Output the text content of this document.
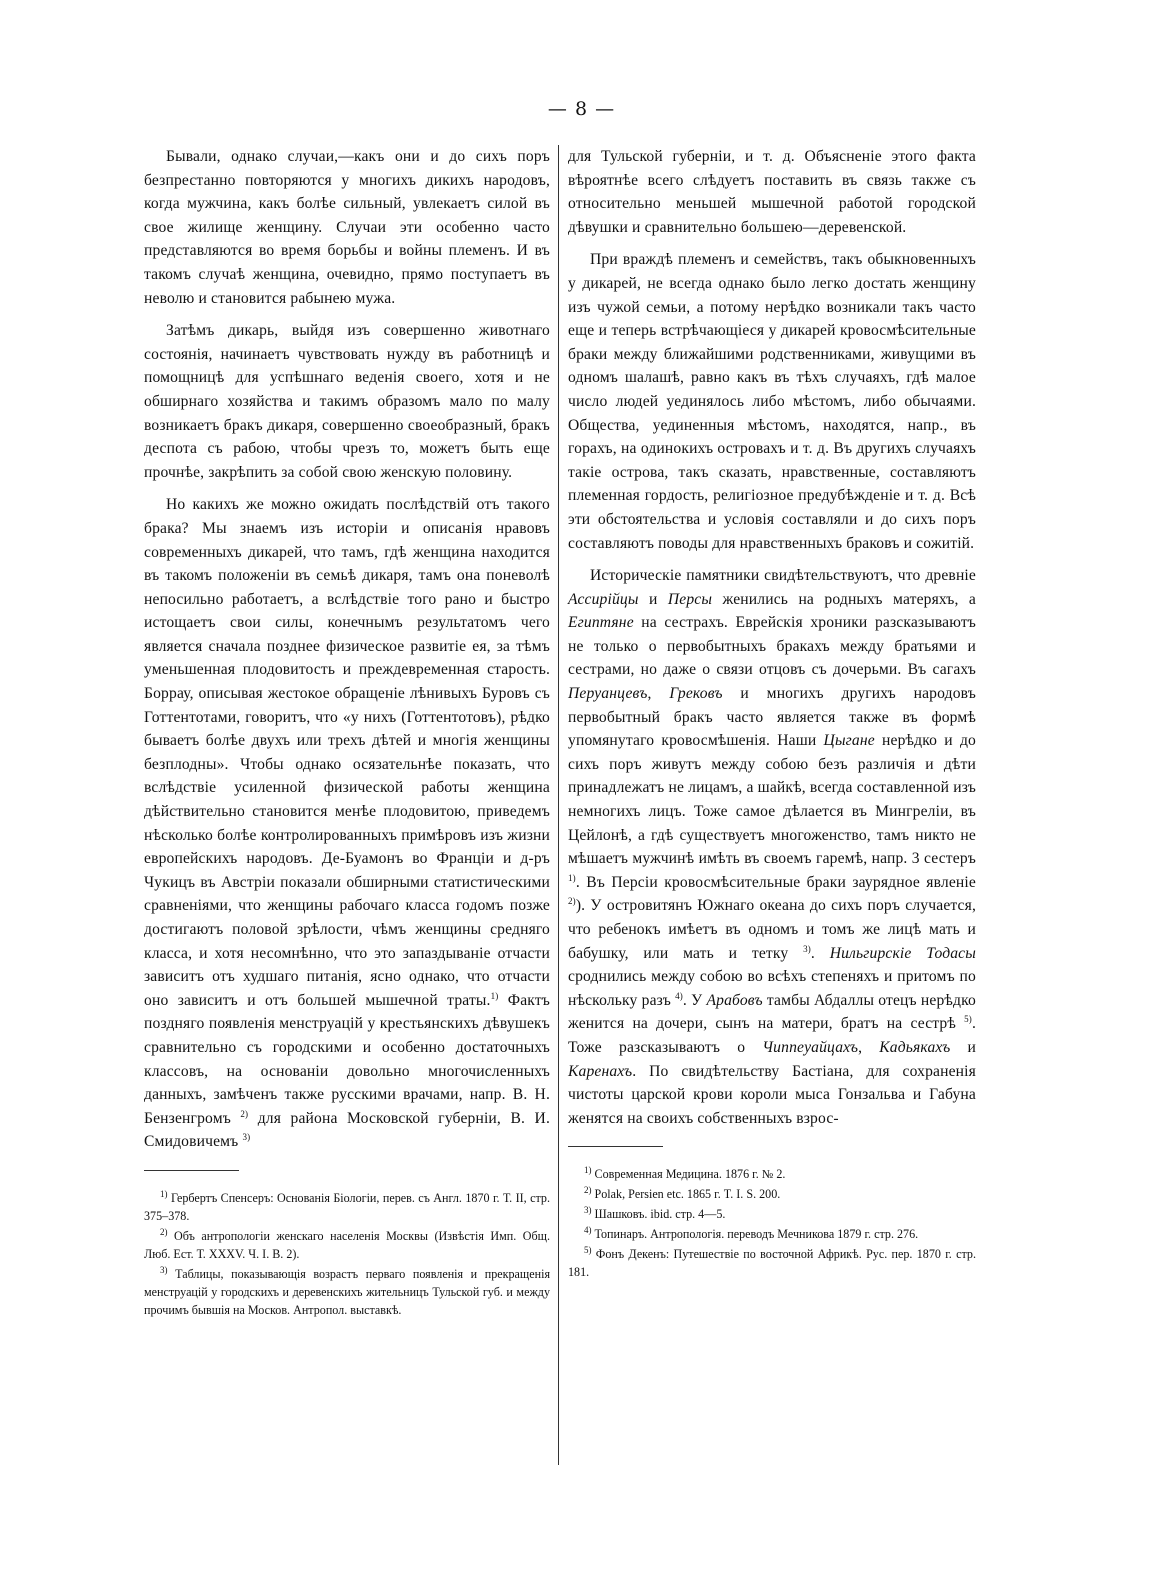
— 8 —

Бывали, однако случаи,—какъ они и до сихъ поръ безпрестанно повторяются у многихъ дикихъ народовъ, когда мужчина, какъ болѣе сильный, увлекаетъ силой въ свое жилище женщину. Случаи эти особенно часто представляются во время борьбы и войны племенъ. И въ такомъ случаѣ женщина, очевидно, прямо поступаетъ въ неволю и становится рабынею мужа.

Затѣмъ дикарь, выйдя изъ совершенно животнаго состоянія, начинаетъ чувствовать нужду въ работницѣ и помощницѣ для успѣшнаго веденія своего, хотя и не обширнаго хозяйства и такимъ образомъ мало по малу возникаетъ бракъ дикаря, совершенно своеобразный, бракъ деспота съ рабою, чтобы чрезъ то, можетъ быть еще прочнѣе, закрѣпить за собой свою женскую половину.

Но какихъ же можно ожидать послѣдствій отъ такого брака? Мы знаемъ изъ исторіи и описанія нравовъ современныхъ дикарей, что тамъ, гдѣ женщина находится въ такомъ положеніи въ семьѣ дикаря, тамъ она поневолѣ непосильно работаетъ, а вслѣдствіе того рано и быстро истощаетъ свои силы, конечнымъ результатомъ чего является сначала позднее физическое развитіе ея, за тѣмъ уменьшенная плодовитость и преждевременная старость. Боррау, описывая жестокое обращеніе лѣнивыхъ Буровъ съ Готтентотами, говоритъ, что «у нихъ (Готтентотовъ), рѣдко бываетъ болѣе двухъ или трехъ дѣтей и многія женщины безплодны». Чтобы однако осязательнѣе показать, что вслѣдствіе усиленной физической работы женщина дѣйствительно становится менѣе плодовитою, приведемъ нѣсколько болѣе контролированныхъ примѣровъ изъ жизни европейскихъ народовъ. Де-Буамонъ во Франціи и д-ръ Чукицъ въ Австріи показали обширными статистическими сравненіями, что женщины рабочаго класса годомъ позже достигаютъ половой зрѣлости, чѣмъ женщины средняго класса, и хотя несомнѣнно, что это запаздываніе отчасти зависитъ отъ худшаго питанія, ясно однако, что отчасти оно зависитъ и отъ большей мышечной траты.$^{1)}$ Фактъ поздняго появленія менструацій у крестьянскихъ дѣвушекъ сравнительно съ городскими и особенно достаточныхъ классовъ, на основаніи довольно многочисленныхъ данныхъ, замѣченъ также русскими врачами, напр. В. Н. Бензенгромъ $^{2)}$ для района Московской губерніи, В. И. Смидовичемъ $^{3)}$

$^{1)}$ Гербертъ Спенсеръ: Основанія Біологіи, перев. съ Англ. 1870 г. Т. II, стр. 375–378.

$^{2)}$ Объ антропологіи женскаго населенія Москвы (Извѣстія Имп. Общ. Люб. Ест. Т. XXXV. Ч. I. В. 2).

$^{3)}$ Таблицы, показывающія возрастъ перваго появленія и прекращенія менструацій у городскихъ и деревенскихъ жительницъ Тульской губ. и между прочимъ бывшія на Москов. Антропол. выставкѣ.

для Тульской губерніи, и т. д. Объясненіе этого факта вѣроятнѣе всего слѣдуетъ поставить въ связь также съ относительно меньшей мышечной работой городской дѣвушки и сравнительно большею—деревенской.

При враждѣ племенъ и семействъ, такъ обыкновенныхъ у дикарей, не всегда однако было легко достать женщину изъ чужой семьи, а потому нерѣдко возникали такъ часто еще и теперь встрѣчающіеся у дикарей кровосмѣсительные браки между ближайшими родственниками, живущими въ одномъ шалашѣ, равно какъ въ тѣхъ случаяхъ, гдѣ малое число людей уединялось либо мѣстомъ, либо обычаями. Общества, уединенныя мѣстомъ, находятся, напр., въ горахъ, на одинокихъ островахъ и т. д. Въ другихъ случаяхъ такіе острова, такъ сказать, нравственные, составляютъ племенная гордость, религіозное предубѣжденіе и т. д. Всѣ эти обстоятельства и условія составляли и до сихъ поръ составляютъ поводы для нравственныхъ браковъ и сожитій.

Историческіе памятники свидѣтельствуютъ, что древніе Ассирійцы и Персы женились на родныхъ матеряхъ, а Египтяне на сестрахъ. Еврейскія хроники разсказываютъ не только о первобытныхъ бракахъ между братьями и сестрами, но даже о связи отцовъ съ дочерьми. Въ сагахъ Перуанцевъ, Грековъ и многихъ другихъ народовъ первобытный бракъ часто является также въ формѣ упомянутаго кровосмѣшенія. Наши Цыгане нерѣдко и до сихъ поръ живутъ между собою безъ различія и дѣти принадлежатъ не лицамъ, а шайкѣ, всегда составленной изъ немногихъ лицъ. Тоже самое дѣлается въ Мингреліи, въ Цейлонѣ, а гдѣ существуетъ многоженство, тамъ никто не мѣшаетъ мужчинѣ имѣть въ своемъ гаремѣ, напр. 3 сестеръ $^{1)}$. Въ Персіи кровосмѣсительные браки заурядное явленіе $^{2)}$). У островитянъ Южнаго океана до сихъ поръ случается, что ребенокъ имѣетъ въ одномъ и томъ же лицѣ мать и бабушку, или мать и тетку $^{3)}$. Нильгирскіе Тодасы сроднились между собою во всѣхъ степеняхъ и притомъ по нѣскольку разъ $^{4)}$. У Арабовъ тамбы Абдаллы отецъ нерѣдко женится на дочери, сынъ на матери, братъ на сестрѣ $^{5)}$. Тоже разсказываютъ о Чиппеуайцахъ, Кадьякахъ и Каренахъ. По свидѣтельству Бастіана, для сохраненія чистоты царской крови короли мыса Гонзальва и Габуна женятся на своихъ собственныхъ взрос-

$^{1)}$ Современная Медицина. 1876 г. № 2.

$^{2)}$ Polak, Persien etc. 1865 г. T. I. S. 200.

$^{3)}$ Шашковъ. ibid. стр. 4—5.

$^{4)}$ Топинаръ. Антропологія. переводъ Мечникова 1879 г. стр. 276.

$^{5)}$ Фонъ Декенъ: Путешествіе по восточной Африкѣ. Рус. пер. 1870 г. стр. 181.
